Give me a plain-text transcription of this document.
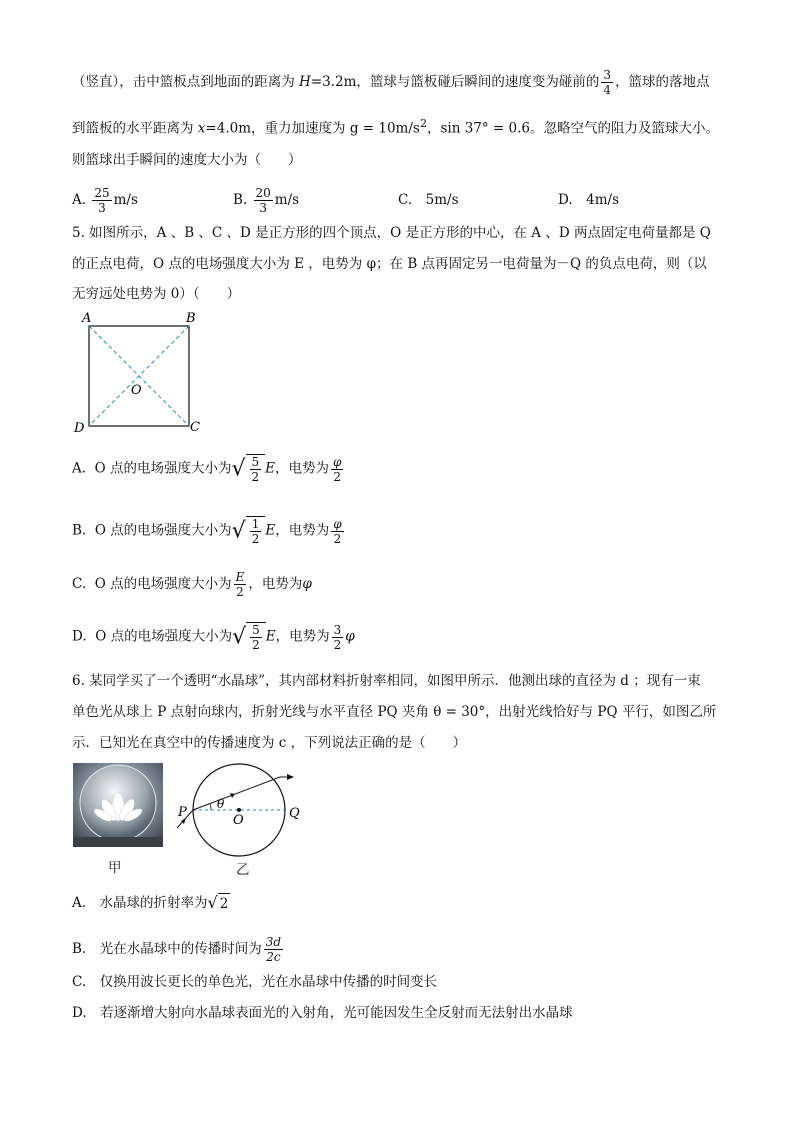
（竖直），击中篮板点到地面的距离为 H=3.2m，篮球与篮板碰后瞬间的速度变为碰前的 $\frac{3}{4}$ ，篮球的落地点
到篮板的水平距离为 x=4.0m，重力加速度为 $g = 10m/s^2$，sin 37° = 0.6。忽略空气的阻力及篮球大小。
则篮球出手瞬间的速度大小为（　　）
A. $\frac{25}{3} m/s$	B. $\frac{20}{3} m/s$	C.　5m/s	D.　4m/s
5. 如图所示，A 、B 、C 、D 是正方形的四个顶点，O 是正方形的中心，在 A 、D 两点固定电荷量都是 Q
的正点电荷，O 点的电场强度大小为 E ，电势为 φ；在 B 点再固定另一电荷量为－Q 的负点电荷，则（以
无穷远处电势为 0）（　　）
A	B
C
D
O
A. O 点的电场强度大小为√ $\frac{5}{2}$ E，电势为 $\frac{\varphi}{2}$
B. O 点的电场强度大小为√ $\frac{1}{2}$ E，电势为 $\frac{\varphi}{2}$
C. O 点的电场强度大小为 $\frac{E}{2}$ ，电势为φ
D. O 点的电场强度大小为√ $\frac{5}{2}$ E，电势为 $\frac{3}{2}$ φ
6. 某同学买了一个透明“水晶球”，其内部材料折射率相同，如图甲所示．他测出球的直径为 d ；现有一束
单色光从球上 P 点射向球内，折射光线与水平直径 PQ 夹角 θ = 30°，出射光线恰好与 PQ 平行，如图乙所
示．已知光在真空中的传播速度为 c ，下列说法正确的是（　　）
甲
P
O	Q
θ
乙
A.　水晶球的折射率为√ 2
B.　光在水晶球中的传播时间为 $\frac{3d}{2c}$
C.　仅换用波长更长的单色光，光在水晶球中传播的时间变长
D.　若逐渐增大射向水晶球表面光的入射角，光可能因发生全反射而无法射出水晶球
